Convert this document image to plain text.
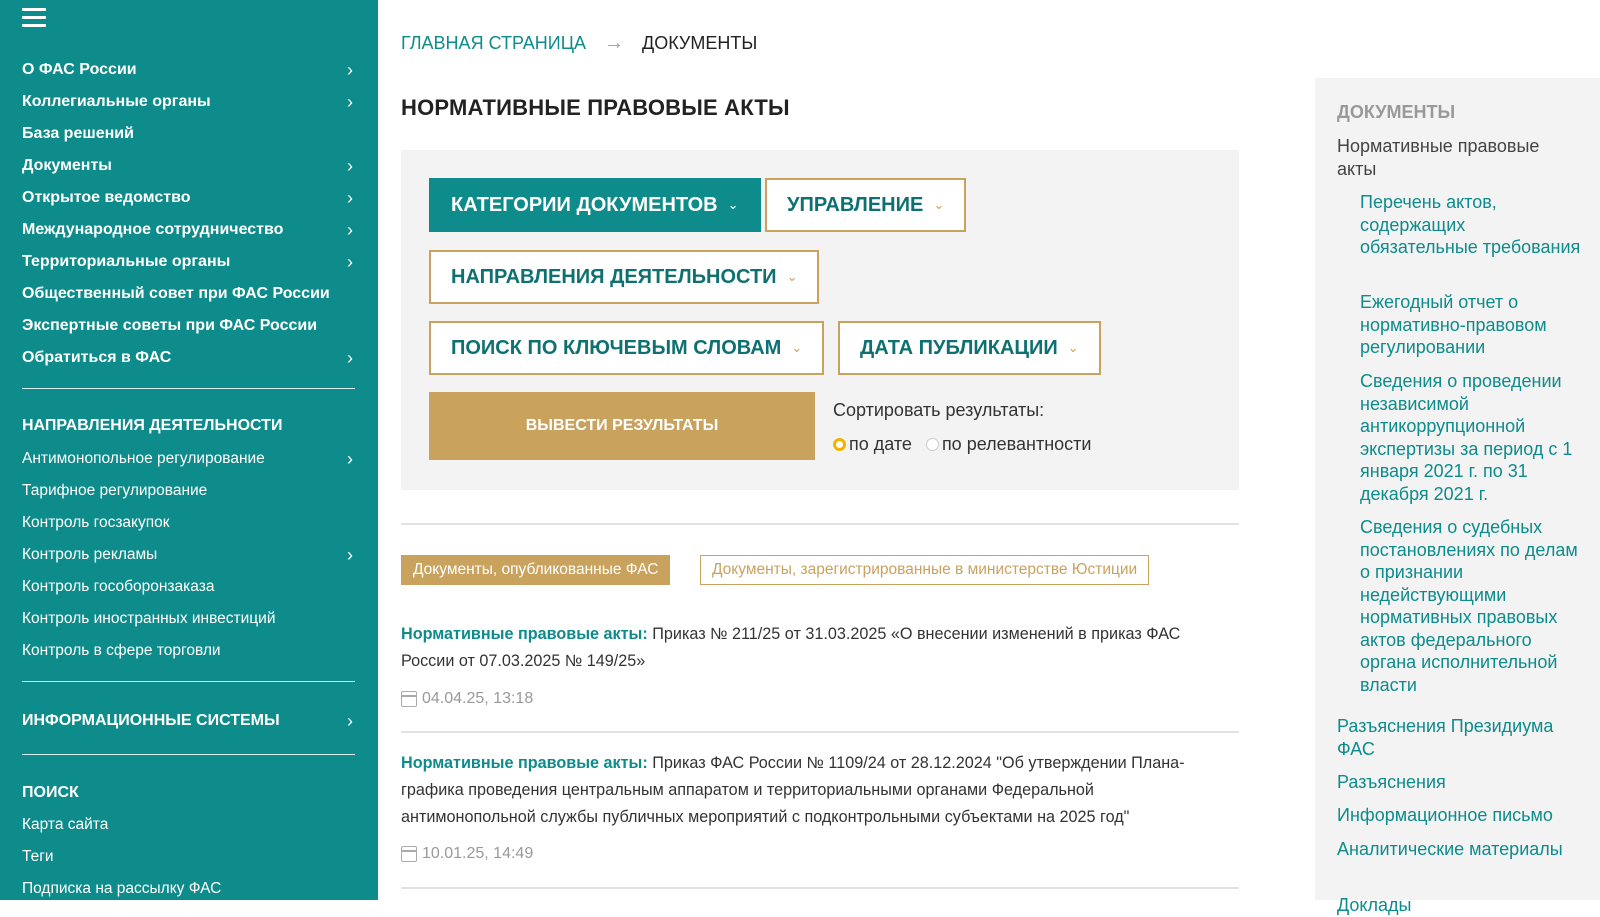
О ФАС России	›
Коллегиальные органы	›
База решений
Документы	›
Открытое ведомство	›
Международное сотрудничество	›
Территориальные органы	›
Общественный совет при ФАС России
Экспертные советы при ФАС России
Обратиться в ФАС	›
НАПРАВЛЕНИЯ ДЕЯТЕЛЬНОСТИ
Антимонопольное регулирование	›
Тарифное регулирование
Контроль госзакупок
Контроль рекламы	›
Контроль гособоронзаказа
Контроль иностранных инвестиций
Контроль в сфере торговли
ИНФОРМАЦИОННЫЕ СИСТЕМЫ	›
ПОИСК
Карта сайта
Теги
Подписка на рассылку ФАС
ГЛАВНАЯ СТРАНИЦА → ДОКУМЕНТЫ
НОРМАТИВНЫЕ ПРАВОВЫЕ АКТЫ
КАТЕГОРИИ ДОКУМЕНТОВ ⌄ УПРАВЛЕНИЕ ⌄
НАПРАВЛЕНИЯ ДЕЯТЕЛЬНОСТИ ⌄
ПОИСК ПО КЛЮЧЕВЫМ СЛОВАМ ⌄	ДАТА ПУБЛИКАЦИИ ⌄
ВЫВЕСТИ РЕЗУЛЬТАТЫ
Сортировать результаты:
по дате по релевантности
Документы, опубликованные ФАС	Документы, зарегистрированные в министерстве Юстиции
Нормативные правовые акты: Приказ № 211/25 от 31.03.2025 «О внесении изменений в приказ ФАС России от 07.03.2025 № 149/25»
04.04.25, 13:18
Нормативные правовые акты: Приказ ФАС России № 1109/24 от 28.12.2024 "Об утверждении Плана-графика проведения центральным аппаратом и территориальными органами Федеральной антимонопольной службы публичных мероприятий с подконтрольными субъектами на 2025 год"
10.01.25, 14:49
ДОКУМЕНТЫ
Нормативные правовые акты
Перечень актов, содержащих обязательные требования
Ежегодный отчет о нормативно-правовом регулировании
Сведения о проведении независимой антикоррупционной экспертизы за период с 1 января 2021 г. по 31 декабря 2021 г.
Сведения о судебных постановлениях по делам о признании недействующими нормативных правовых актов федерального органа исполнительной власти
Разъяснения Президиума ФАС
Разъяснения
Информационное письмо
Аналитические материалы
Доклады
